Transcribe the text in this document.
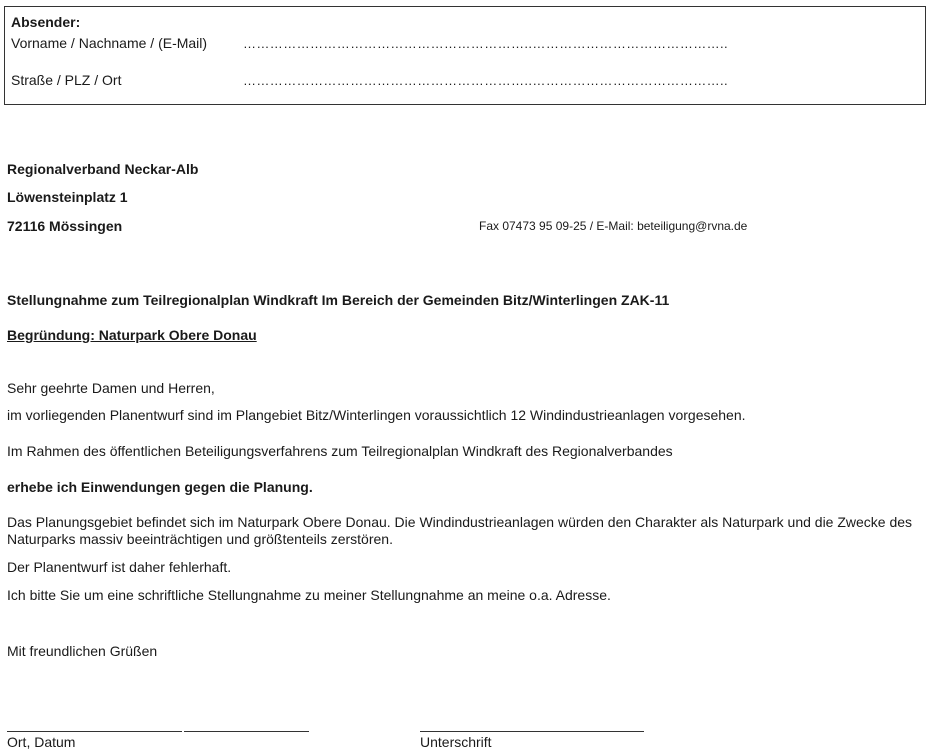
Absender:
Vorname / Nachname / (E-Mail)	………………………………………………………..……………………………………..
Straße / PLZ / Ort	………………………………………………………..……………………………………..
Regionalverband Neckar-Alb
Löwensteinplatz 1
72116 Mössingen	Fax 07473 95 09-25 / E-Mail: beteiligung@rvna.de
Stellungnahme zum Teilregionalplan Windkraft Im Bereich der Gemeinden Bitz/Winterlingen ZAK-11
Begründung: Naturpark Obere Donau
Sehr geehrte Damen und Herren,
im vorliegenden Planentwurf sind im Plangebiet Bitz/Winterlingen voraussichtlich 12 Windindustrieanlagen vorgesehen.
Im Rahmen des öffentlichen Beteiligungsverfahrens zum Teilregionalplan Windkraft des Regionalverbandes
erhebe ich Einwendungen gegen die Planung.
Das Planungsgebiet befindet sich im Naturpark Obere Donau. Die Windindustrieanlagen würden den Charakter als Naturpark und die Zwecke des Naturparks massiv beeinträchtigen und größtenteils zerstören.
Der Planentwurf ist daher fehlerhaft.
Ich bitte Sie um eine schriftliche Stellungnahme zu meiner Stellungnahme an meine o.a. Adresse.
Mit freundlichen Grüßen
Ort, Datum	Unterschrift
